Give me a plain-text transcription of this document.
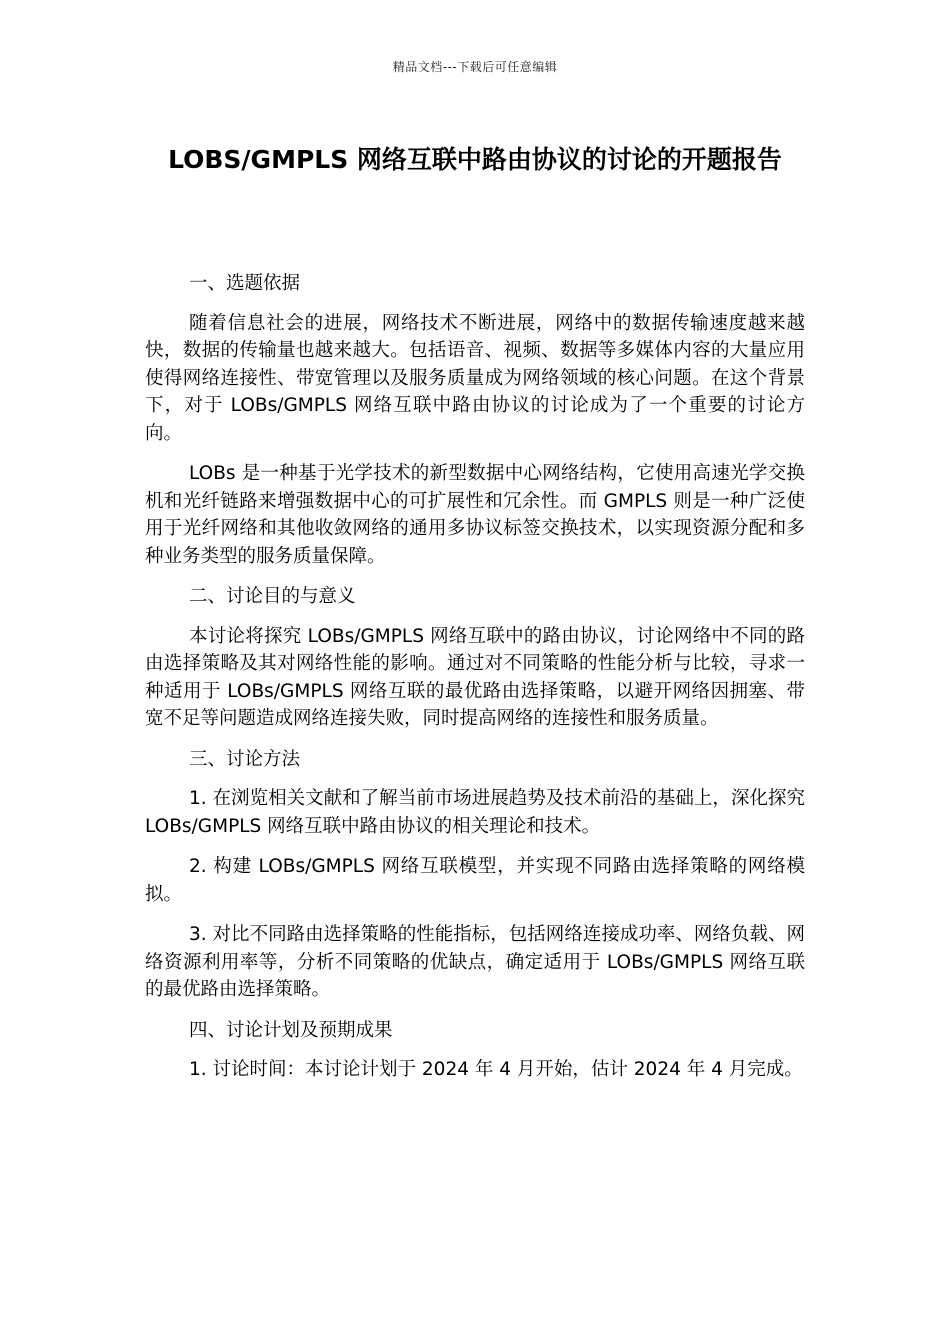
精品文档---下载后可任意编辑
LOBS/GMPLS 网络互联中路由协议的讨论的开题报告

一、选题依据

随着信息社会的进展，网络技术不断进展，网络中的数据传输速度越来越快，数据的传输量也越来越大。包括语音、视频、数据等多媒体内容的大量应用使得网络连接性、带宽管理以及服务质量成为网络领域的核心问题。在这个背景下，对于 LOBs/GMPLS 网络互联中路由协议的讨论成为了一个重要的讨论方向。

LOBs 是一种基于光学技术的新型数据中心网络结构，它使用高速光学交换机和光纤链路来增强数据中心的可扩展性和冗余性。而 GMPLS 则是一种广泛使用于光纤网络和其他收敛网络的通用多协议标签交换技术，以实现资源分配和多种业务类型的服务质量保障。

二、讨论目的与意义

本讨论将探究 LOBs/GMPLS 网络互联中的路由协议，讨论网络中不同的路由选择策略及其对网络性能的影响。通过对不同策略的性能分析与比较，寻求一种适用于 LOBs/GMPLS 网络互联的最优路由选择策略，以避开网络因拥塞、带宽不足等问题造成网络连接失败，同时提高网络的连接性和服务质量。

三、讨论方法

1. 在浏览相关文献和了解当前市场进展趋势及技术前沿的基础上，深化探究 LOBs/GMPLS 网络互联中路由协议的相关理论和技术。

2. 构建 LOBs/GMPLS 网络互联模型，并实现不同路由选择策略的网络模拟。

3. 对比不同路由选择策略的性能指标，包括网络连接成功率、网络负载、网络资源利用率等，分析不同策略的优缺点，确定适用于 LOBs/GMPLS 网络互联的最优路由选择策略。

四、讨论计划及预期成果

1. 讨论时间：本讨论计划于 2024 年 4 月开始，估计 2024 年 4 月完成。
